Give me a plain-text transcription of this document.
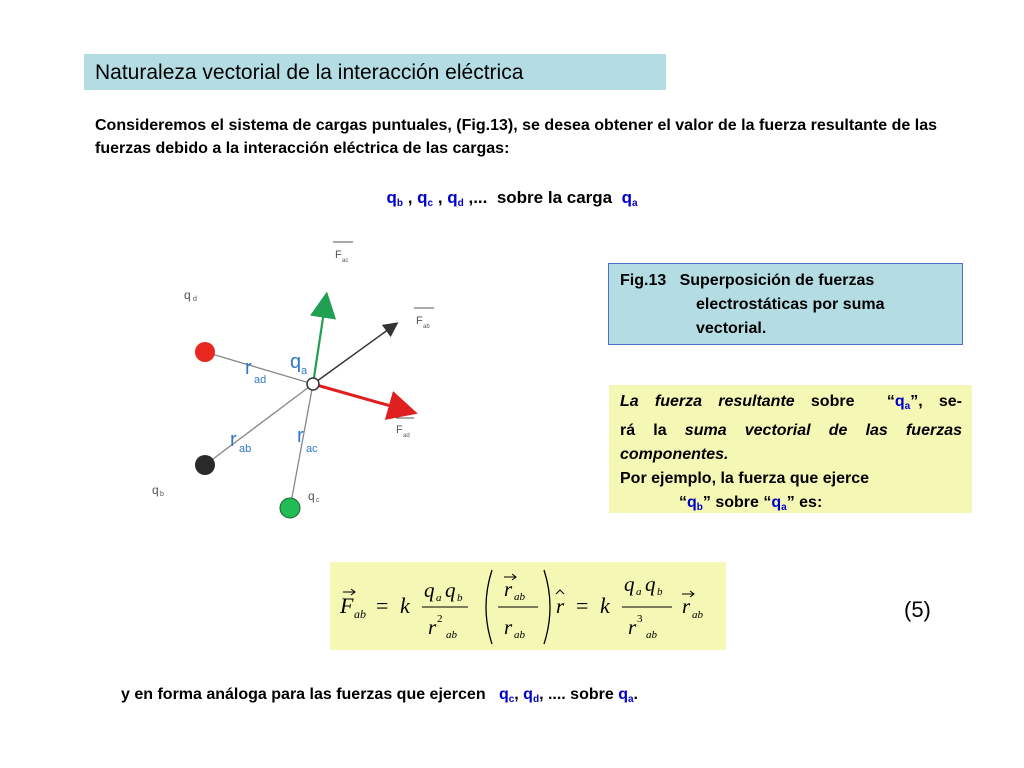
Naturaleza vectorial de la interacción eléctrica
Consideremos el sistema de cargas puntuales, (Fig.13), se desea obtener el valor de la fuerza resultante de las fuerzas debido a la interacción eléctrica de las cargas:
$q_b$ , $q_c$ , $q_d$ ,...  sobre la carga  $q_a$
F ac
F ab
F ad
q d
q b	q c
q a
r
ad
r ab
r
ac
Fig.13 Superposición de fuerzas
electrostáticas por suma
vectorial.
La fuerza resultante sobre  “$q_a$”, se-
rá la suma vectorial de las fuerzas
componentes.
Por ejemplo, la fuerza que ejerce
“$q_b$” sobre “$q_a$” es:
F ab = k
q a q b
r 2
ab
r ab
r ab
r = k
q a q b
r 3
ab
r ab	(5)
y en forma análoga para las fuerzas que ejercen   $q_c$, $q_d$, .... sobre $q_a$.
